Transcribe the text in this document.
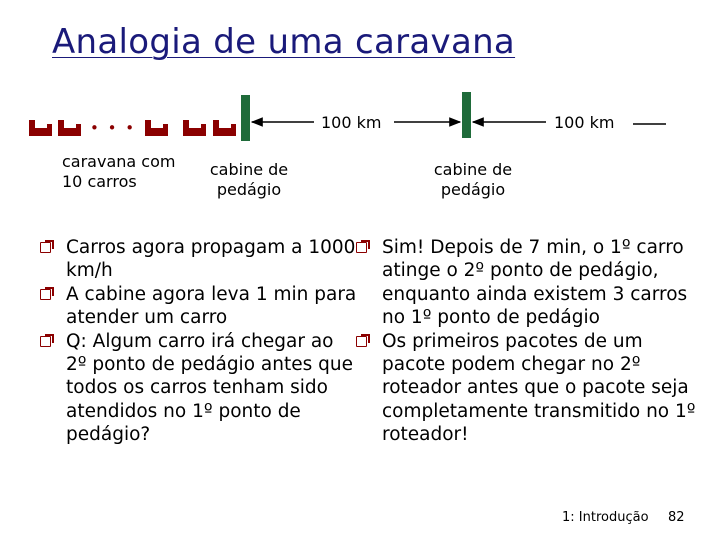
Analogia de uma caravana
• • •	100 km	100 km
caravana com 10 carros
cabine de pedágio
cabine de pedágio
Carros agora propagam a 1000 km/h
A cabine agora leva 1 min para atender um carro
Q: Algum carro irá chegar ao 2º ponto de pedágio antes que todos os carros tenham sido atendidos no 1º ponto de pedágio?
Sim! Depois de 7 min, o 1º carro atinge o 2º ponto de pedágio, enquanto ainda existem 3 carros no 1º ponto de pedágio
Os primeiros pacotes de um pacote podem chegar no 2º roteador antes que o pacote seja completamente transmitido no 1º roteador!
1: Introdução 82
